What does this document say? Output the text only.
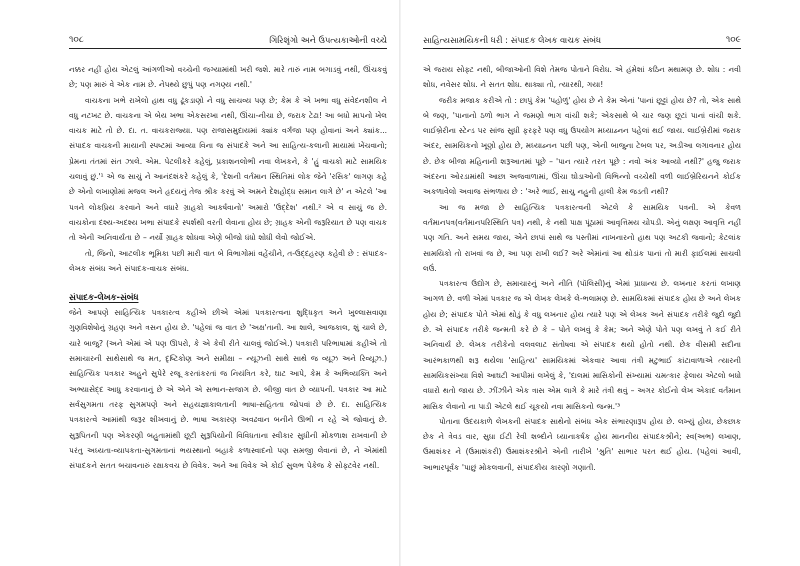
૧૦૮	ગિરિશૃંગો અને ઉપત્યકાઓની વચ્ચે

નક્કર નહીં હોય એટલું આંગળીઓ વચ્ચેની જગ્યામાંથી ખરી જશે. મારે તારું નામ બગાડવું નથી, ઊંચકવું છે; પણ મારું વે એક નામ છે. નેપથ્યે છુપું પણ નગણ્ય નથી.'

વાચકના ખભે રાખેલો હાથ વધુ ઢૂંકડાણો ને વધુ સાચવ્ય પણ છે; કેમ કે એ ખભા વધુ સંવેદનશીલ ને વધુ નટખટ છે. વાચકના એ બેય ખભા એકસરખા નથી, ઊંચા-નીચા છે, જરાક ટેઢા! આ બધો માપનો ખેલ વાચક માટે તો છે. દા. ત. વાચકરાજ્યા. પણ રાજાસમુદાયમાં ક્યાંક વર્ગજા પણ હોવાનાં અને ક્યાંક... સંપાદક વાચકની માયાની સ્પષ્ટમાં આવ્યા વિના જ સંપાદકે અને આ સાહિત્ય-કલાની માયામાં ખેંચવાનો; પ્રેમના તંતમાં સંત ઝાલે. એમ. પેટલીકરે કહેલું, પ્રકાશનલોભી નવા લેખકને, કે 'હું વાચકો માટે સામયિક ચલાવું છું.'¹ એ જ સાચું ને આનંદશંકરે કહેલું કે, 'દેશની વર્તમાન સ્થિતિમાં લોક જેને 'રસિક' લાગણ કહે છે એનો લખાણોમાં મજલ અને હૃદયનું તેજ શ્રીક કરવું એ અમને દેશહોદ્ધ સમાન લાગે છે' ન એટલે 'આ પત્રને લોકપ્રિય કરવાને અને વધારે ગ્રાહકો આકર્ષવાનો' અમારો 'ઉદ્દેશ' નથી.² એ વ સાચું જ છે. વાચકોના દશ્ય-અદશ્ય ખભા સંપાદકે સ્પર્શથી વરતી લેવાના હોય છે; ગ્રાહક એની જરૂરિયાત છે પણ વાચક તો એની અનિવાર્યતા છે – નર્યો ગ્રાહક શોધવા એણે બીજો ધંધો શોધી લેવો જોઈએ.

તો, જિનો, આટલીક ભૂમિકા પછી મારી વાત બે વિભાગોમાં વહેંચીને, ત-ઉદ્દહરણ કહેવી છે : સંપાદક-લેખક સંબંધ અને સંપાદક-વાચક સંબંધ.

સંપાદક-લેખક-સંબંધ

જેને આપણે સાહિત્યિક પત્રકારત્વ કહીએ છીએ એમાં પત્રકારત્વના શુદ્ધિકૃત અને ખુલ્લાસવાણા ગુણવિશેષોનું ગ્રહણ અને ત્રસન હોય છે. 'પહેલાં જ વાત છે 'અક્ષ'તાની. આ શાલે, આજકાલ, શું ચાલે છે, ચારે બાજુ? (અને એમાં એ પણ ઊપરો, કે એ કેવી રીતે ચાલવું જોઈએ.) પત્રકારી પરિભાષામાં કહીએ તો સમાચારની સાથેસાથે જ મત, દૃષ્ટિકોણ અને સમીક્ષા – ન્યૂઝની સાથે સાથે જ વ્યૂઝ અને રિવ્યૂઝ.) સાહિત્યિક પત્રકાર અહુને સુપેરે રજૂ કરતાંકરતાં જ નિયંત્રિત કરે, ઘાટ આપે, કેમ કે અભિવ્યક્તિ અને અભ્યાસેદ્દ આધુ કરવાનાનું છે એ એને એ સભાન-સજાગ છે. બીજી વાત છે વ્યાપની. પત્રકાર આ માટે સર્વસુગમતા તરફ સુગમપણે અને સહયજ્ઞાકાલતાની ભાષા-સહિતતા જોપવાં છે છે. દા. સાહિત્યિક પત્રકારત્વે આમાંથી જરૂર શીખવાનું છે. ભાષા અકારણ અવઢવાન બનીને ઊભી ન રહે એ જોવાનું છે. સુરૂપિતની પણ એકરણી બહુતામાંથી છૂટી સુરૂપિયોની વિવિધતાના સ્વીકાર સુધીની મોકળાશ રાખવાની છે પરંતુ અધ્યતા-વ્યાપકતા-સુગમતાનાં ભયસ્થાનો બહાકે કળાસ્વાદનો પણ સમજી લેવાનાં છે, ને એમાંથી સંપાદકને સતત બચાવનારું રક્ષાકવચ છે વિવેક. અને આ વિવેક એ કોઈ સુલભ પેકેજ કે સોફ્ટવેર નથી.

સાહિત્યસામયિકની ધરી : સંપાદક લેખક વાચક સંબંધ	૧૦૯

એ જરાય સોફ્ટ નથી, બીજાઓની વિશે તેમજ પોતાને વિરોધ. એ હંમેશાં કઠિન મથામણ છે. શોધ : નવી શોધ, નવેસર શોધ. ને સતત શોધ. થાક્યા તો, ત્યારથી, ગયા!

જરીક મજાક કરીએ તો : છાપું કેમ 'પહોળું' હોય છે ને કેમ એનાં 'પાનાં છૂટ્ટાં હોય છે? તો, એક સાથે બે જણ, 'પાનાનો ઠળો ભાગ ને જમણો ભાગ વાંચી શકે; એકસાથે બે ચાર જણ છૂટાં પાનાં વાંચી શકે. લાઈબ્રેરીના સ્ટેન્ડ પર સાંજ સુધી ફરફરે પણ વધુ ઉપયોગ મધ્યાહ્નન પહેલાં થઈ જાય. લાઈબ્રેરીમાં જરાક અંદર, સામયિકનો ખૂણો હોય છે, મધ્યાહ્નન પછી પણ, એની બાજુના ટેબલ પર, અડીઆ લગાવનાર હોય છે. છેક બીજા મહિનાની શરૂઆતમાં પૂછે – 'પાન ત્યારે તરત પૂછે : નવો અંક આવ્યો નથી?' હજુ જરાક અંદરના ઓરડામાંથી આછા અજવાળામાં, ઊંચા ઘોડાઓની વિભિન્નો વચ્ચેથી વળી લાઈબ્રેરિયનને કોઈક અકળાવેલો અવાજ સંભળાય છે : 'અરે ભાઈ, સાચુ નહુની હાલી કેમ જડતી નથી?

આ જ મજા છે સાહિત્યિક પત્રકારત્વની એટલે કે સામયિક પત્રની. એ કેવળ વર્તમાનપત્ર(વર્તમાનપરિસ્થિતિ પત્ર) નથી, કે નથી પાક્ષ પૂંઠામાં આવૃત્તિમય ચોપડી. એનું લક્ષણ આવૃત્તિ નહીં પણ ગતિ. અને સમય જાય, એને છાપાં સાથે જ પસ્તીમાં નાખનારનો હાથ પણ અટકી જવાનો; કેટલાંક સામયિકો તો રાખવાં જ છે, આ પણ રાખી લઈ? અરે એમાંનાં આ થોડાંક પાનાં તો મારી ફાઈલમાં સાચવી લઉં.

પત્રકારત્વ ઉદ્યોગ છે, સમાચારનું અને નીતિ (પૉલિસી)નું એમાં પ્રાધાન્ય છે. લખનાર કરતાં લખાણ આગળ છે. વળી એમાં પત્રકાર જ એ લેખક લેખકે લે-ભલામણ છે. સામયિકમાં સંપાદક હોય છે અને લેખક હોય છે; સંપાદક પોતે એમાં થોડું કે વધુ લખનાર હોય ત્યારે પણ એ લેખક અને સંપાદક તરીકે જુદો જુદો છે. એ સંપાદક તરીકે જન્મતી કરે છે કે – પોતે લખવું કે કેમ; અને એણે પોતે પણ લખવું તે કઈ રીતે અનિવાર્ય છે. લેખક તરીકેનો વલવલાટ સંતોષવા એ સંપાદક થયો હોતો નથી. છેક વીસમી સદીના આરંભકાળથી શરૂ થયેલા 'સાહિત્ય' સામયિકમાં એકવાર આવા તંત્રી મટુભાઈ કાંટાવાળાએ ત્યારની સામયિકસંખ્યા વિશે આઘટી આપીમાં લખેલું કે, 'દાલમાં માસિકોની સંખ્યામાં ચમત્કાર ફેલાય એટલો બધો વધારો થતો જાય છે. ઝીંઝીને એક ત્રાસ એમ લાગે કે મારે તંત્રી થવું – અગર કોઈનો લેખ એકાદ વર્તમાન માસિક લેવાનો ના પાડી એટલે થઈ ચૂકયો નવા માસિકનો જન્મ.'³

પોતાના ઉદયકાળે લેખકની સંપાદક સાથેનો સંબંધ એક સંભારણારૂપ હોય છે. લખ્યું હોય, છેકછાક છેક ને ત્રેવડ વાર, સુધા ઈટી રેવી શબ્દોને ધ્યાનાકર્ષક હોય માનનીય સંપાદકશ્રીને; સ્વ(અભ) લખાણ, ઉમાશંકર ને (ઉમાશંકરી) ઉમાશંકરશ્રીને એની તારીખે 'શ્રુતિ' સાભાર પરત થઈ હોય. (પહેલાં આવી, આભારપૂર્વક 'પાછું મોકલવાની, સંપાદકીય કારણો ગણાતી.
